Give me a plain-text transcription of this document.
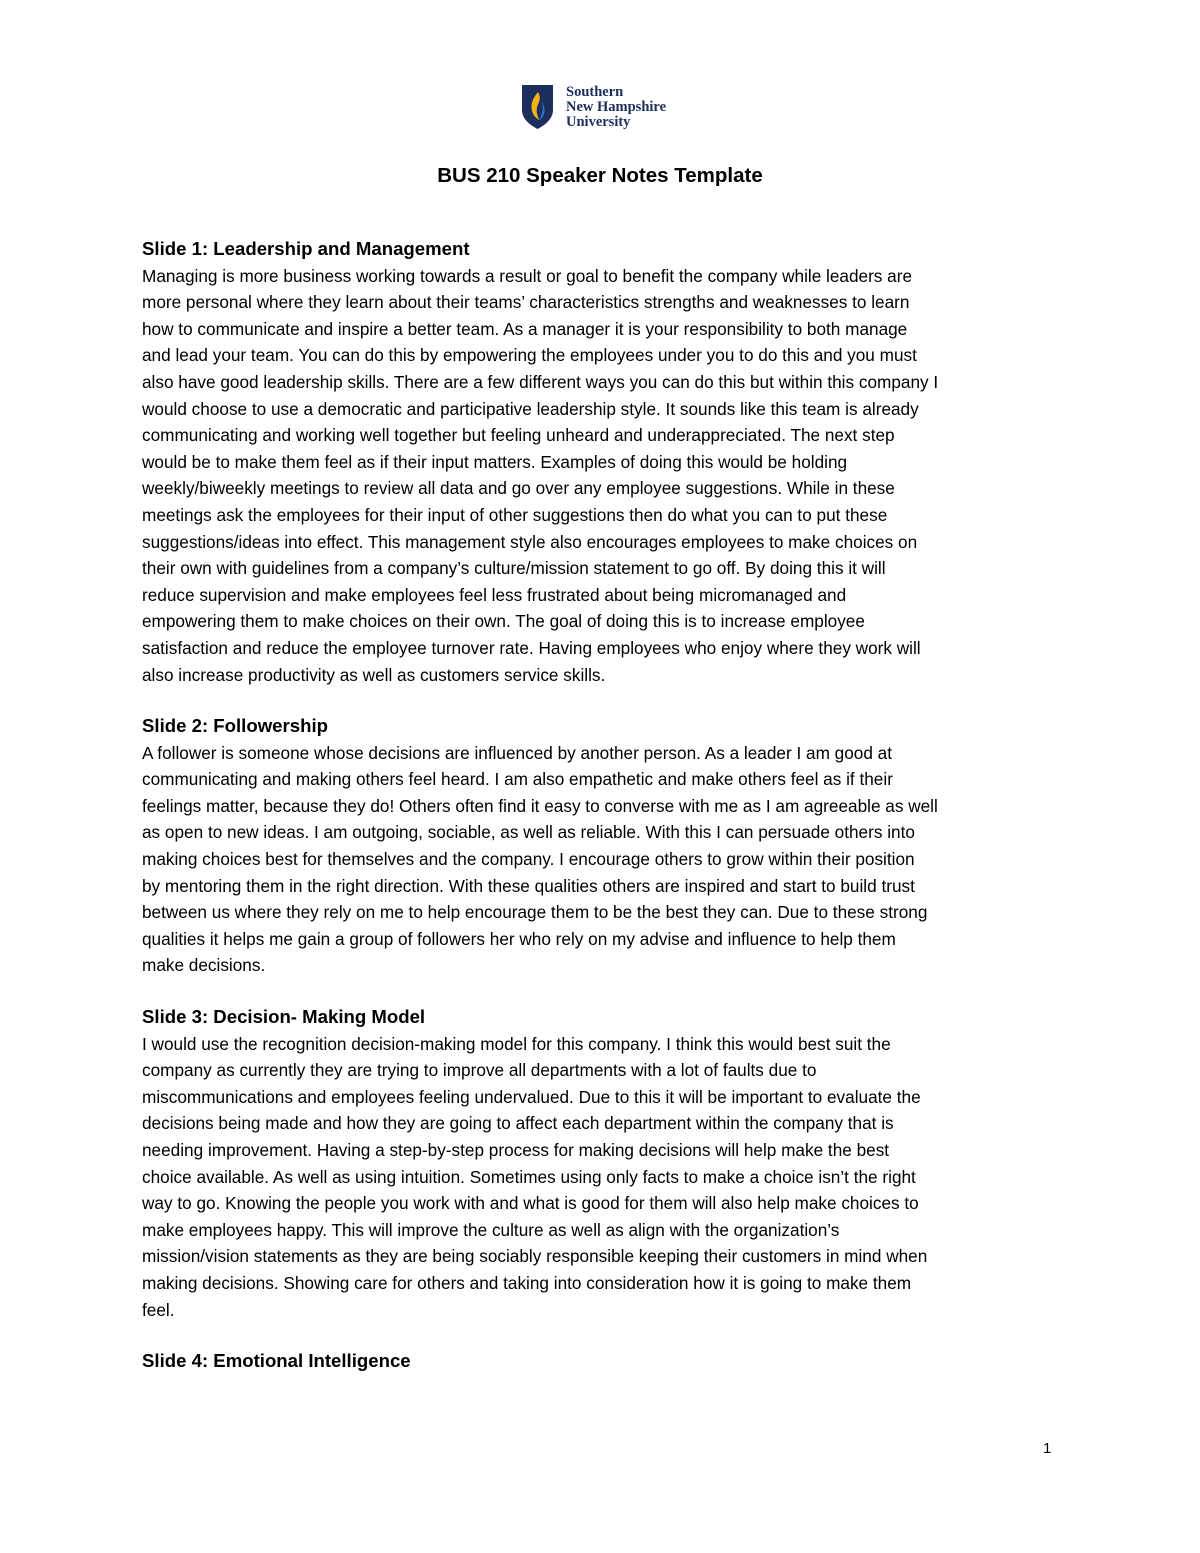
Southern
New Hampshire
University
BUS 210 Speaker Notes Template
Slide 1: Leadership and Management
Managing is more business working towards a result or goal to benefit the company while leaders are
more personal where they learn about their teams’ characteristics strengths and weaknesses to learn
how to communicate and inspire a better team. As a manager it is your responsibility to both manage
and lead your team. You can do this by empowering the employees under you to do this and you must
also have good leadership skills. There are a few different ways you can do this but within this company I
would choose to use a democratic and participative leadership style. It sounds like this team is already
communicating and working well together but feeling unheard and underappreciated. The next step
would be to make them feel as if their input matters. Examples of doing this would be holding
weekly/biweekly meetings to review all data and go over any employee suggestions. While in these
meetings ask the employees for their input of other suggestions then do what you can to put these
suggestions/ideas into effect. This management style also encourages employees to make choices on
their own with guidelines from a company’s culture/mission statement to go off. By doing this it will
reduce supervision and make employees feel less frustrated about being micromanaged and
empowering them to make choices on their own. The goal of doing this is to increase employee
satisfaction and reduce the employee turnover rate. Having employees who enjoy where they work will
also increase productivity as well as customers service skills.
Slide 2: Followership
A follower is someone whose decisions are influenced by another person. As a leader I am good at
communicating and making others feel heard. I am also empathetic and make others feel as if their
feelings matter, because they do! Others often find it easy to converse with me as I am agreeable as well
as open to new ideas. I am outgoing, sociable, as well as reliable. With this I can persuade others into
making choices best for themselves and the company. I encourage others to grow within their position
by mentoring them in the right direction. With these qualities others are inspired and start to build trust
between us where they rely on me to help encourage them to be the best they can. Due to these strong
qualities it helps me gain a group of followers her who rely on my advise and influence to help them
make decisions.
Slide 3: Decision- Making Model
I would use the recognition decision-making model for this company. I think this would best suit the
company as currently they are trying to improve all departments with a lot of faults due to
miscommunications and employees feeling undervalued. Due to this it will be important to evaluate the
decisions being made and how they are going to affect each department within the company that is
needing improvement. Having a step-by-step process for making decisions will help make the best
choice available. As well as using intuition. Sometimes using only facts to make a choice isn’t the right
way to go. Knowing the people you work with and what is good for them will also help make choices to
make employees happy. This will improve the culture as well as align with the organization’s
mission/vision statements as they are being sociably responsible keeping their customers in mind when
making decisions. Showing care for others and taking into consideration how it is going to make them
feel.
Slide 4: Emotional Intelligence
1
